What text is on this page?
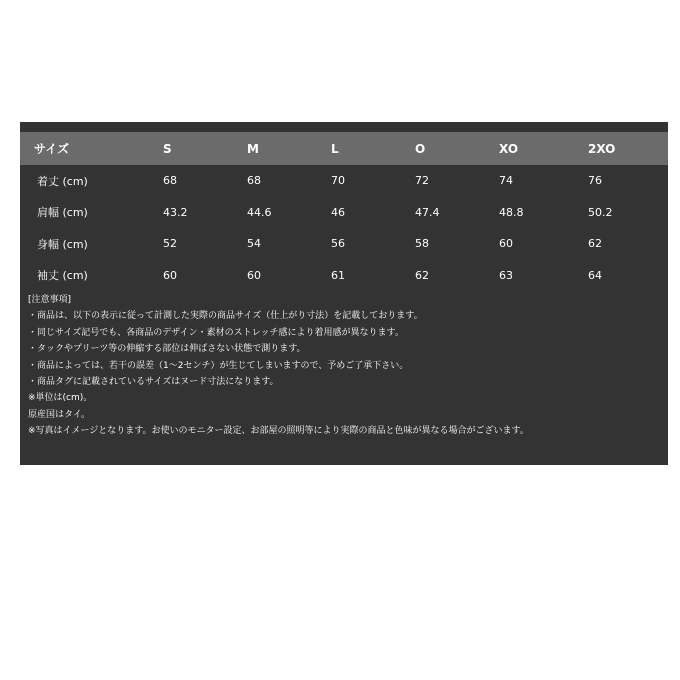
サイズ	S	M	L	O	XO	2XO
着丈 (cm)	68	68	70	72	74	76
肩幅 (cm)	43.2	44.6	46	47.4	48.8	50.2
身幅 (cm)	52	54	56	58	60	62
袖丈 (cm)	60	60	61	62	63	64
[注意事項]
・商品は、以下の表示に従って計測した実際の商品サイズ（仕上がり寸法）を記載しております。
・同じサイズ記号でも、各商品のデザイン・素材のストレッチ感により着用感が異なります。
・タックやプリーツ等の伸縮する部位は伸ばさない状態で測ります。
・商品によっては、若干の誤差（1〜2センチ）が生じてしまいますので、予めご了承下さい。
・商品タグに記載されているサイズはヌード寸法になります。
※単位は(cm)。
原産国はタイ。
※写真はイメージとなります。お使いのモニター設定、お部屋の照明等により実際の商品と色味が異なる場合がございます。
